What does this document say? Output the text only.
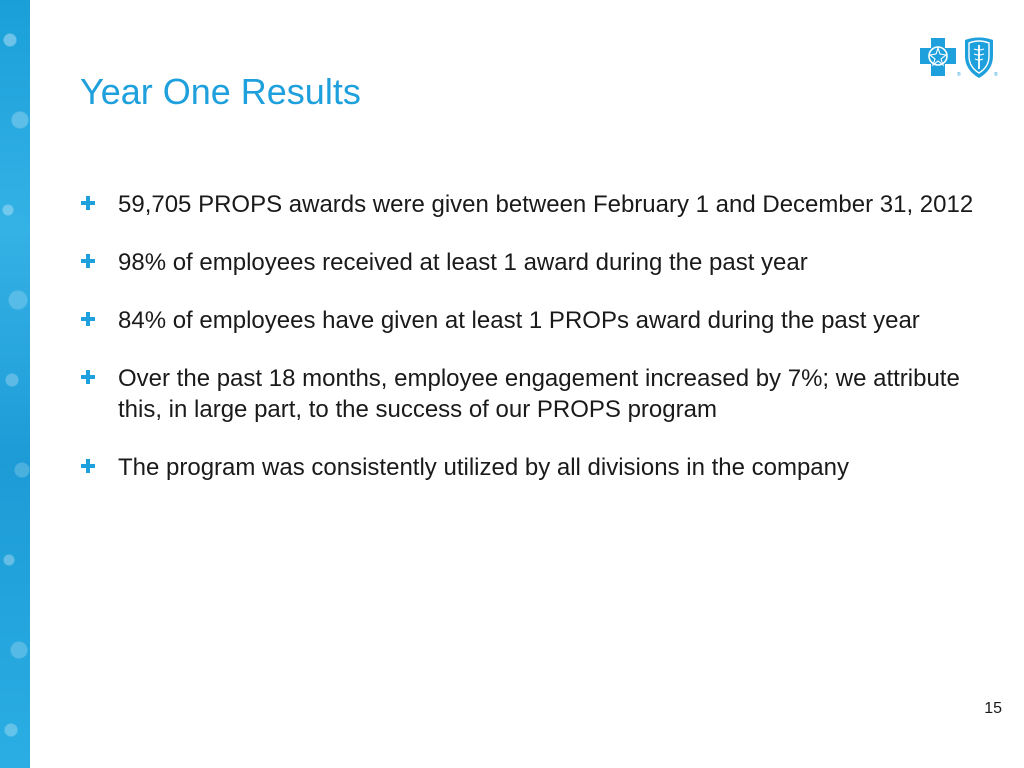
Year One Results	®	®
59,705 PROPS awards were given between February 1 and December 31, 2012
98% of employees received at least 1 award during the past year
84% of employees have given at least 1 PROPs award during the past year
Over the past 18 months, employee engagement increased by 7%; we attribute this, in large part, to the success of our PROPS program
The program was consistently utilized by all divisions in the company
15
